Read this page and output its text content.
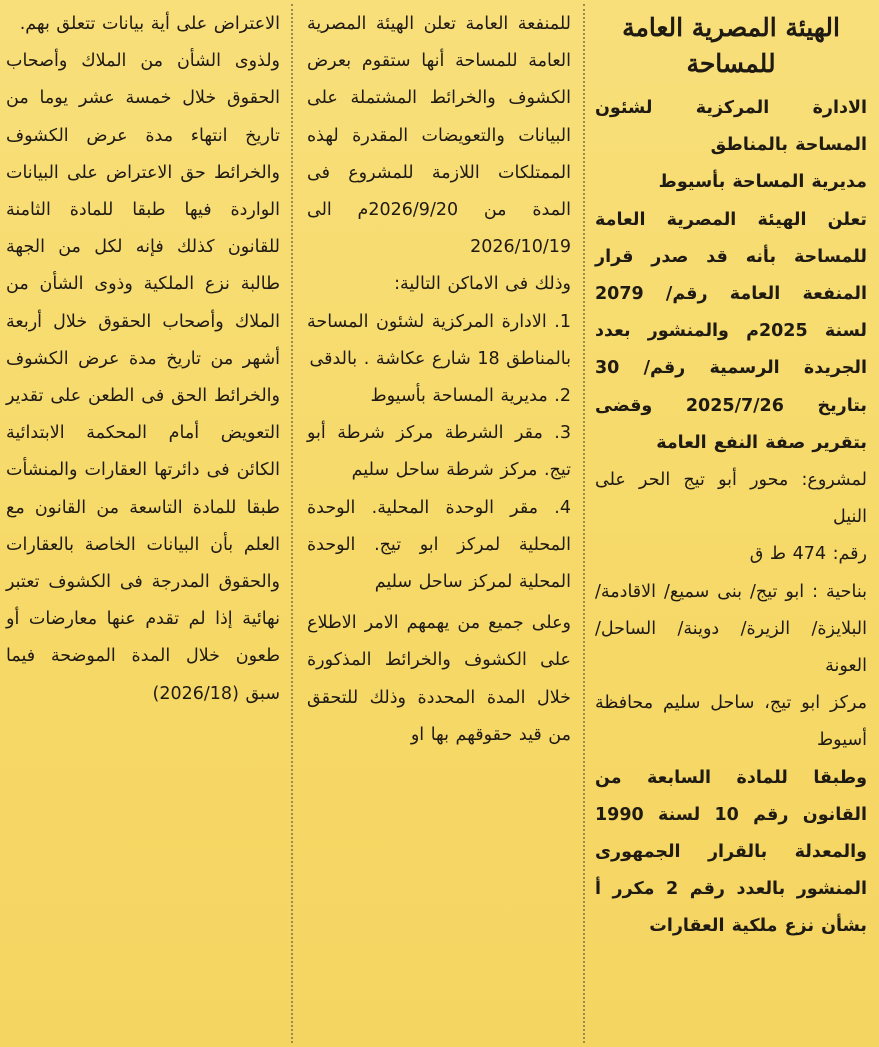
الهيئة المصرية العامة للمساحة

الادارة المركزية لشئون المساحة بالمناطق

مديرية المساحة بأسيوط

تعلن الهيئة المصرية العامة للمساحة بأنه قد صدر قرار المنفعة العامة رقم/ 2079 لسنة 2025م والمنشور بعدد الجريدة الرسمية رقم/ 30 بتاريخ 2025/7/26 وقضى بتقرير صفة النفع العامة

لمشروع: محور أبو تيج الحر على النيل

رقم: 474 ط ق

بناحية : ابو تيج/ بنى سميع/ الاقادمة/ البلايزة/ الزيرة/ دوينة/ الساحل/ العونة

مركز ابو تيج، ساحل سليم محافظة أسيوط

وطبقا للمادة السابعة من القانون رقم 10 لسنة 1990 والمعدلة بالقرار الجمهورى المنشور بالعدد رقم 2 مكرر أ بشأن نزع ملكية العقارات

للمنفعة العامة تعلن الهيئة المصرية العامة للمساحة أنها ستقوم بعرض الكشوف والخرائط المشتملة على البيانات والتعويضات المقدرة لهذه الممتلكات اللازمة للمشروع فى المدة من 2026/9/20م الى 2026/10/19

وذلك فى الاماكن التالية:

1. الادارة المركزية لشئون المساحة بالمناطق 18 شارع عكاشة . بالدقى

2. مديرية المساحة بأسيوط

3. مقر الشرطة مركز شرطة أبو تيج. مركز شرطة ساحل سليم

4. مقر الوحدة المحلية. الوحدة المحلية لمركز ابو تيج. الوحدة المحلية لمركز ساحل سليم

وعلى جميع من يهمهم الامر الاطلاع على الكشوف والخرائط المذكورة خلال المدة المحددة وذلك للتحقق من قيد حقوقهم بها او

الاعتراض على أية بيانات تتعلق بهم.

ولذوى الشأن من الملاك وأصحاب الحقوق خلال خمسة عشر يوما من تاريخ انتهاء مدة عرض الكشوف والخرائط حق الاعتراض على البيانات الواردة فيها طبقا للمادة الثامنة للقانون كذلك فإنه لكل من الجهة طالبة نزع الملكية وذوى الشأن من الملاك وأصحاب الحقوق خلال أربعة أشهر من تاريخ مدة عرض الكشوف والخرائط الحق فى الطعن على تقدير التعويض أمام المحكمة الابتدائية الكائن فى دائرتها العقارات والمنشأت طبقا للمادة التاسعة من القانون مع العلم بأن البيانات الخاصة بالعقارات والحقوق المدرجة فى الكشوف تعتبر نهائية إذا لم تقدم عنها معارضات أو طعون خلال المدة الموضحة فيما سبق (2026/18)
